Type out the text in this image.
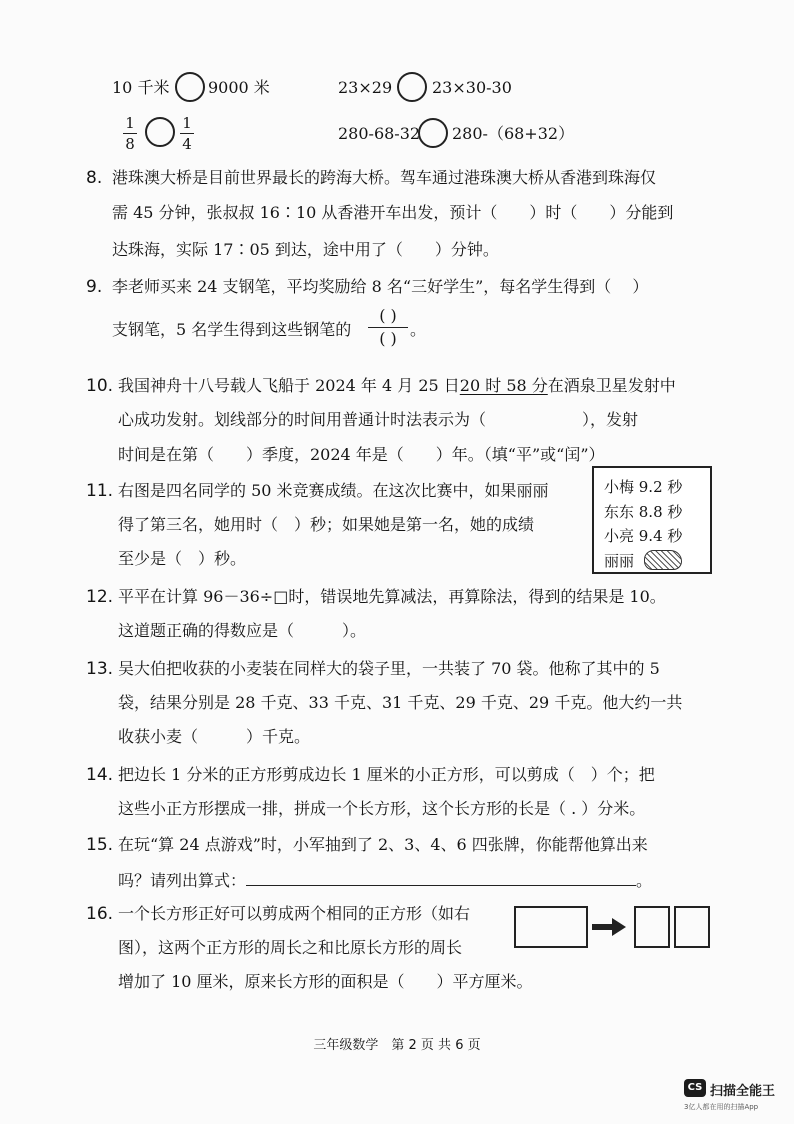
10 千米 9000 米	23×29 23×30-30
1
8
1
4
280-68-32 280-（68+32）
8. 港珠澳大桥是目前世界最长的跨海大桥。驾车通过港珠澳大桥从香港到珠海仅
需 45 分钟，张叔叔 16∶10 从香港开车出发，预计（　　）时（　　）分能到
达珠海，实际 17∶05 到达，途中用了（　　）分钟。
9. 李老师买来 24 支钢笔，平均奖励给 8 名“三好学生”，每名学生得到（　 ）
支钢笔，5 名学生得到这些钢笔的
( )
( ) 。
10. 我国神舟十八号载人飞船于 2024 年 4 月 25 日20 时 58 分在酒泉卫星发射中
心成功发射。划线部分的时间用普通计时法表示为（　　　　　　），发射
时间是在第（　　）季度，2024 年是（　　）年。（填“平”或“闰”）
11. 右图是四名同学的 50 米竞赛成绩。在这次比赛中，如果丽丽
得了第三名，她用时（　）秒；如果她是第一名，她的成绩
至少是（　）秒。
小梅 9.2 秒
东东 8.8 秒
小亮 9.4 秒
丽丽
12. 平平在计算 96－36÷□时，错误地先算减法，再算除法，得到的结果是 10。
这道题正确的得数应是（　　　）。
13. 吴大伯把收获的小麦装在同样大的袋子里，一共装了 70 袋。他称了其中的 5
袋，结果分别是 28 千克、33 千克、31 千克、29 千克、29 千克。他大约一共
收获小麦（　　　）千克。
14. 把边长 1 分米的正方形剪成边长 1 厘米的小正方形，可以剪成（　）个；把
这些小正方形摆成一排，拼成一个长方形，这个长方形的长是（ . ）分米。
15. 在玩“算 24 点游戏”时，小军抽到了 2、3、4、6 四张牌，你能帮他算出来
吗？请列出算式：	。
16. 一个长方形正好可以剪成两个相同的正方形（如右
图），这两个正方形的周长之和比原长方形的周长
增加了 10 厘米，原来长方形的面积是（　　）平方厘米。
三年级数学　第 2 页 共 6 页
CS 扫描全能王
3亿人都在用的扫描App
